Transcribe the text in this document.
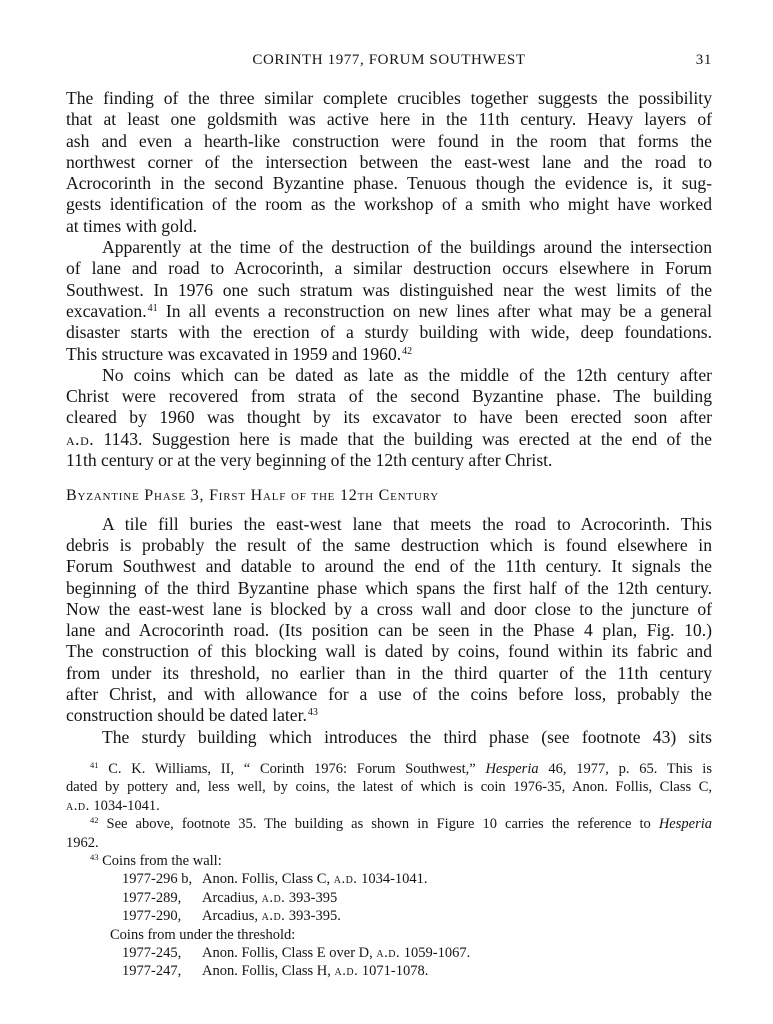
CORINTH 1977, FORUM SOUTHWEST	31
The finding of the three similar complete crucibles together suggests the possibility
that at least one goldsmith was active here in the 11th century. Heavy layers of
ash and even a hearth-like construction were found in the room that forms the
northwest corner of the intersection between the east-west lane and the road to
Acrocorinth in the second Byzantine phase. Tenuous though the evidence is, it sug-
gests identification of the room as the workshop of a smith who might have worked
at times with gold.
Apparently at the time of the destruction of the buildings around the intersection
of lane and road to Acrocorinth, a similar destruction occurs elsewhere in Forum
Southwest. In 1976 one such stratum was distinguished near the west limits of the
excavation.$^{41}$ In all events a reconstruction on new lines after what may be a general
disaster starts with the erection of a sturdy building with wide, deep foundations.
This structure was excavated in 1959 and 1960.42
No coins which can be dated as late as the middle of the 12th century after
Christ were recovered from strata of the second Byzantine phase. The building
cleared by 1960 was thought by its excavator to have been erected soon after
a.d. 1143. Suggestion here is made that the building was erected at the end of the
11th century or at the very beginning of the 12th century after Christ.
Byzantine Phase 3, First Half of the 12th Century
A tile fill buries the east-west lane that meets the road to Acrocorinth. This
debris is probably the result of the same destruction which is found elsewhere in
Forum Southwest and datable to around the end of the 11th century. It signals the
beginning of the third Byzantine phase which spans the first half of the 12th century.
Now the east-west lane is blocked by a cross wall and door close to the juncture of
lane and Acrocorinth road. (Its position can be seen in the Phase 4 plan, Fig. 10.)
The construction of this blocking wall is dated by coins, found within its fabric and
from under its threshold, no earlier than in the third quarter of the 11th century
after Christ, and with allowance for a use of the coins before loss, probably the
construction should be dated later.$^{43}$
The sturdy building which introduces the third phase (see footnote 43) sits
$^{41}$ C. K. Williams, II, “ Corinth 1976: Forum Southwest,” Hesperia 46, 1977, p. 65. This is
dated by pottery and, less well, by coins, the latest of which is coin 1976-35, Anon. Follis, Class C,
a.d. 1034-1041.
$^{42}$ See above, footnote 35. The building as shown in Figure 10 carries the reference to Hesperia
1962.
$^{43}$ Coins from the wall:
1977-296 b, Anon. Follis, Class C, a.d. 1034-1041.
1977-289, Arcadius, a.d. 393-395
1977-290, Arcadius, a.d. 393-395.
Coins from under the threshold:
1977-245, Anon. Follis, Class E over D, a.d. 1059-1067.
1977-247, Anon. Follis, Class H, a.d. 1071-1078.
